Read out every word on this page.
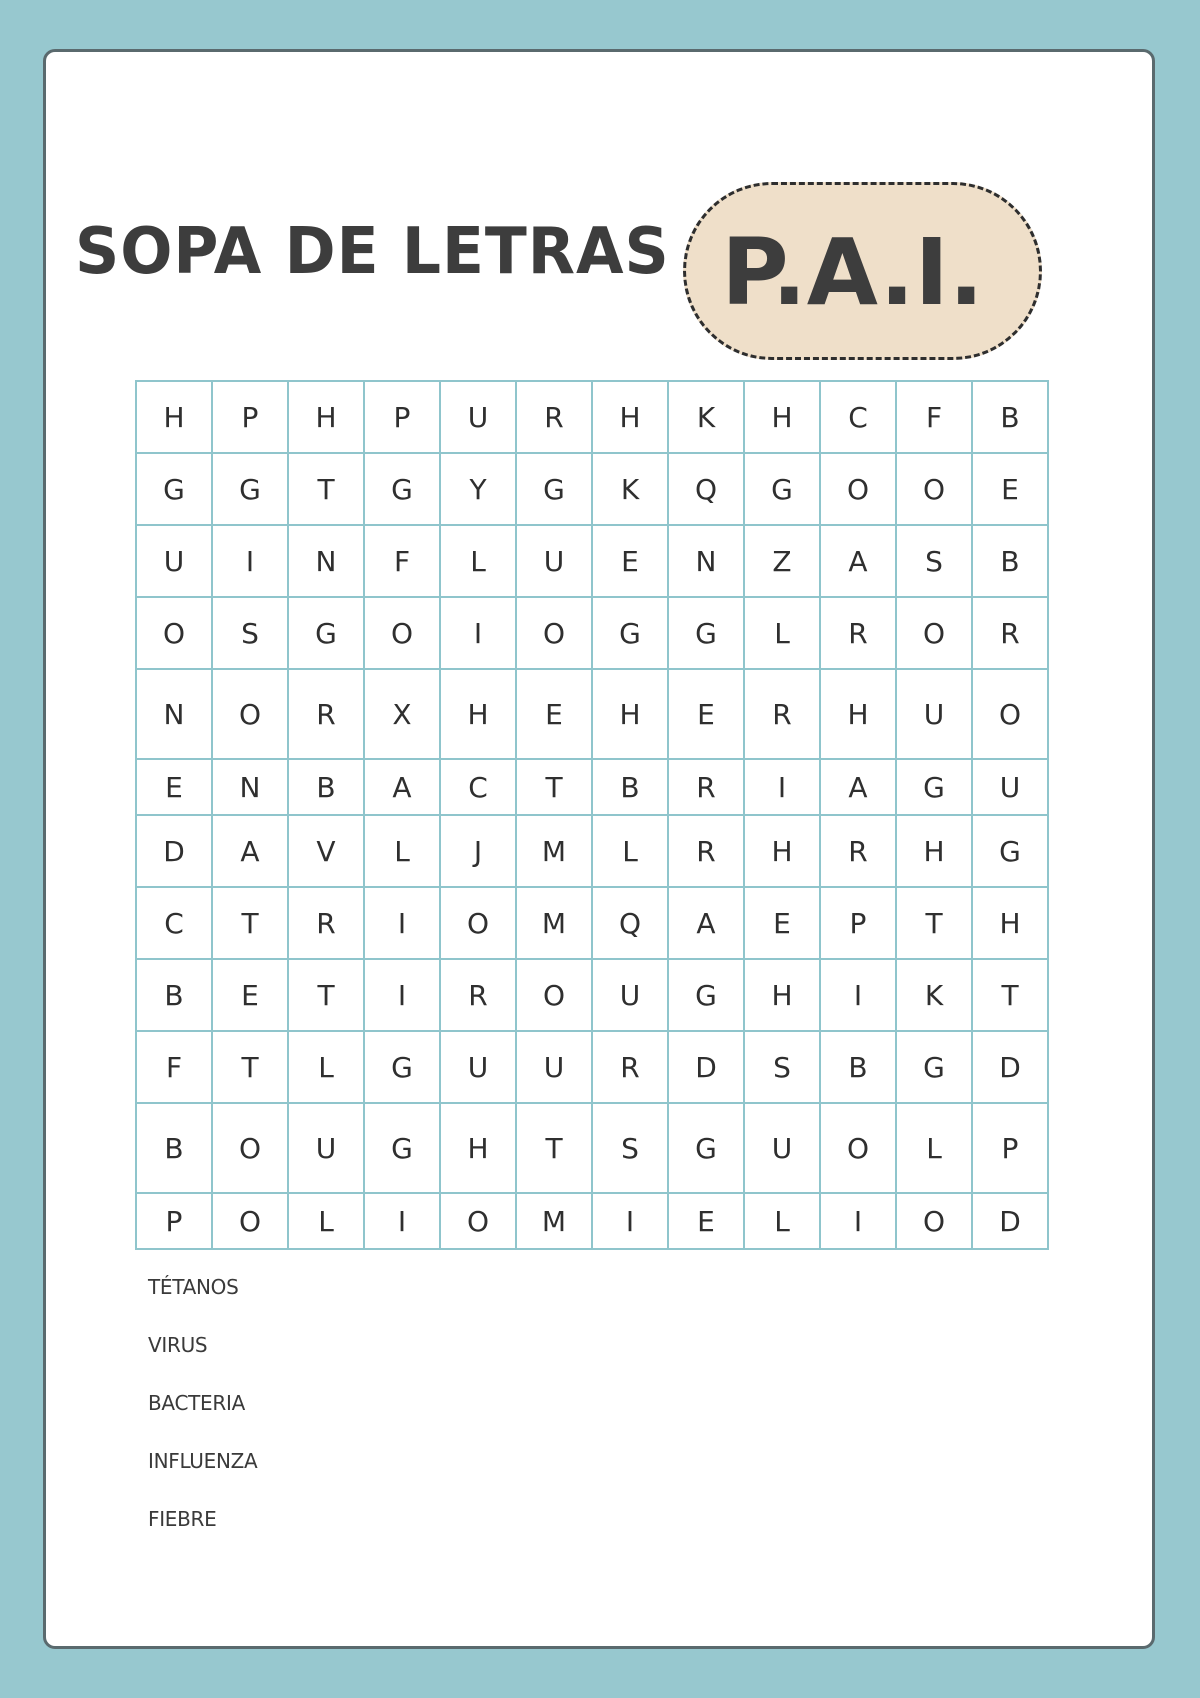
SOPA DE LETRAS P.A.I.
H	P	H	P	U	R	H	K	H	C	F	B
G	G	T	G	Y	G	K	Q	G	O	O	E
U	I	N	F	L	U	E	N	Z	A	S	B
O	S	G	O	I	O	G	G	L	R	O	R
N	O	R	X	H	E	H	E	R	H	U	O
E	N	B	A	C	T	B	R	I	A	G	U
D	A	V	L	J	M	L	R	H	R	H	G
C	T	R	I	O	M	Q	A	E	P	T	H
B	E	T	I	R	O	U	G	H	I	K	T
F	T	L	G	U	U	R	D	S	B	G	D
B	O	U	G	H	T	S	G	U	O	L	P
P	O	L	I	O	M	I	E	L	I	O	D
TÉTANOS
VIRUS
BACTERIA
INFLUENZA
FIEBRE
